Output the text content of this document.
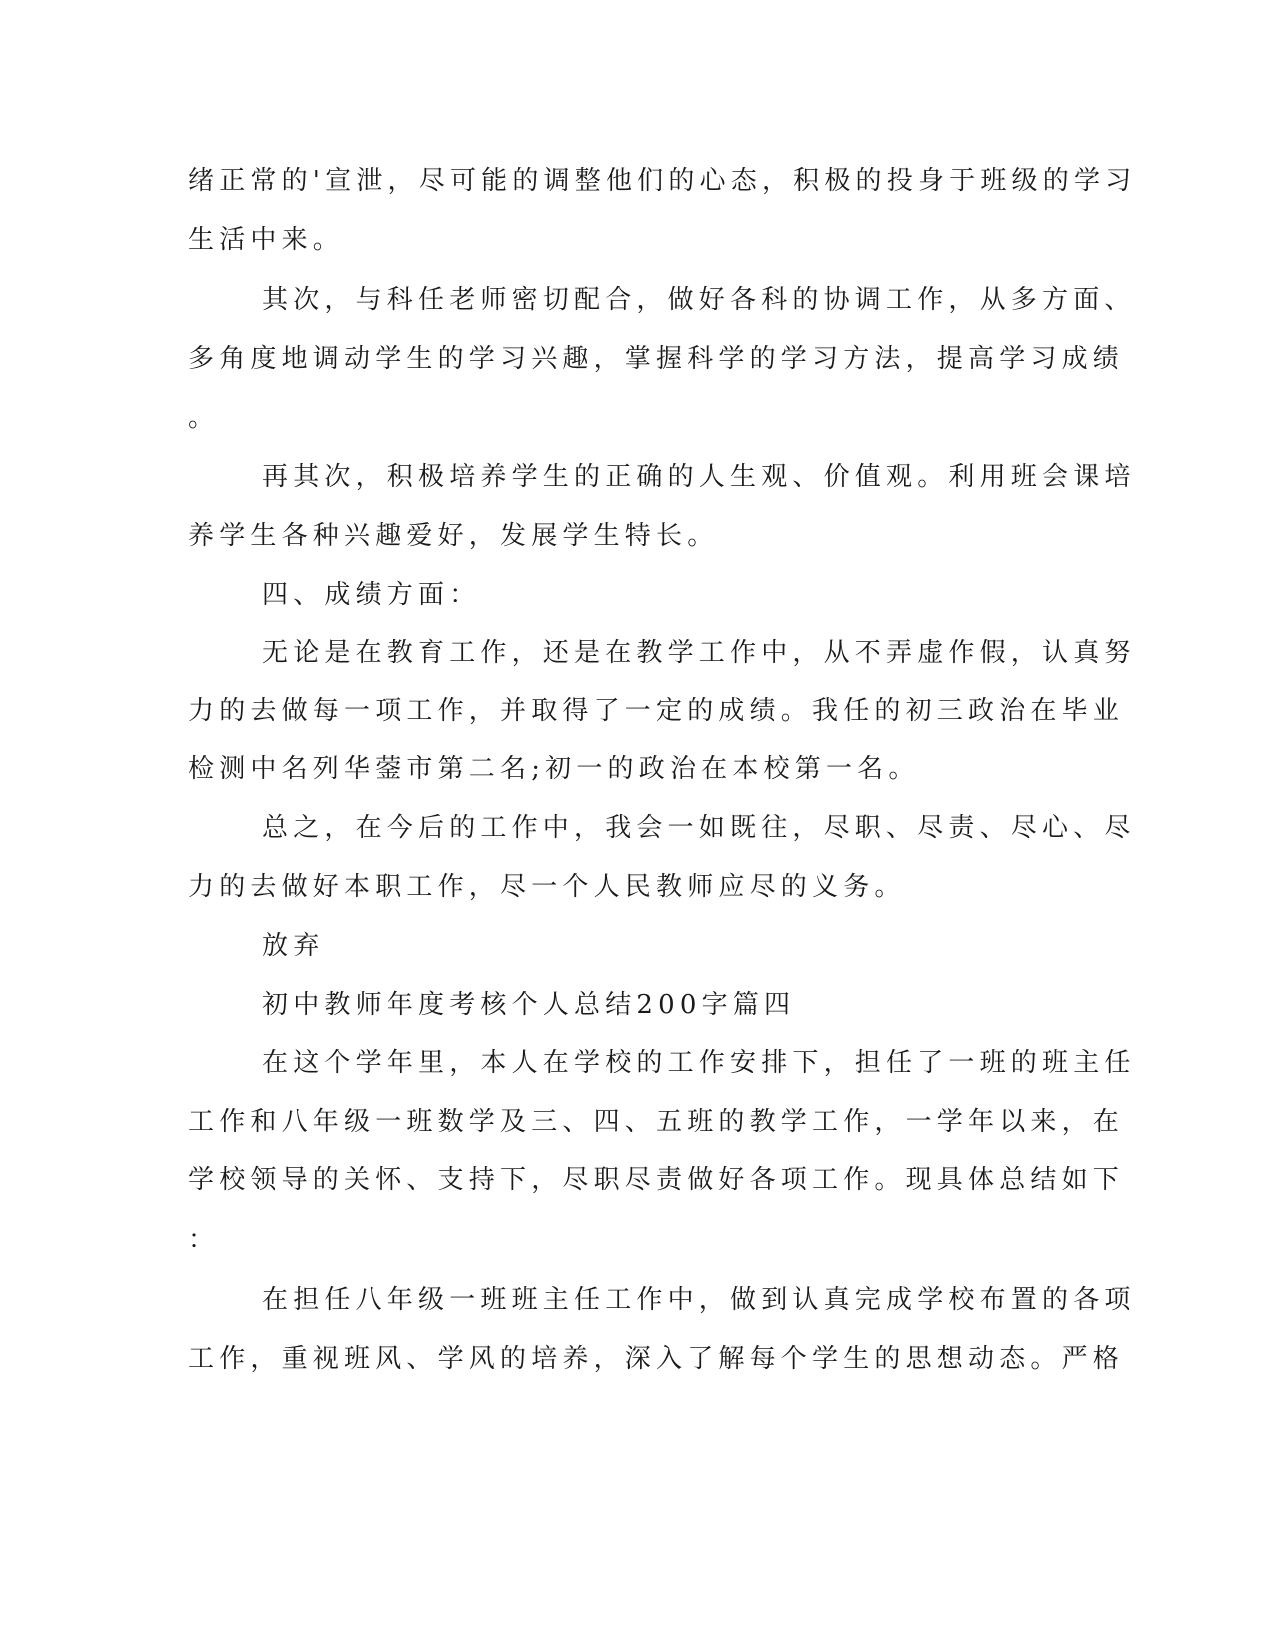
绪正常的'宣泄，尽可能的调整他们的心态，积极的投身于班级的学习
生活中来。
其次，与科任老师密切配合，做好各科的协调工作，从多方面、
多角度地调动学生的学习兴趣，掌握科学的学习方法，提高学习成绩
。
再其次，积极培养学生的正确的人生观、价值观。利用班会课培
养学生各种兴趣爱好，发展学生特长。
四、成绩方面：
无论是在教育工作，还是在教学工作中，从不弄虚作假，认真努
力的去做每一项工作，并取得了一定的成绩。我任的初三政治在毕业
检测中名列华蓥市第二名;初一的政治在本校第一名。
总之，在今后的工作中，我会一如既往，尽职、尽责、尽心、尽
力的去做好本职工作，尽一个人民教师应尽的义务。
放弃
初中教师年度考核个人总结200字篇四
在这个学年里，本人在学校的工作安排下，担任了一班的班主任
工作和八年级一班数学及三、四、五班的教学工作，一学年以来，在
学校领导的关怀、支持下，尽职尽责做好各项工作。现具体总结如下
：
在担任八年级一班班主任工作中，做到认真完成学校布置的各项
工作，重视班风、学风的培养，深入了解每个学生的思想动态。严格
